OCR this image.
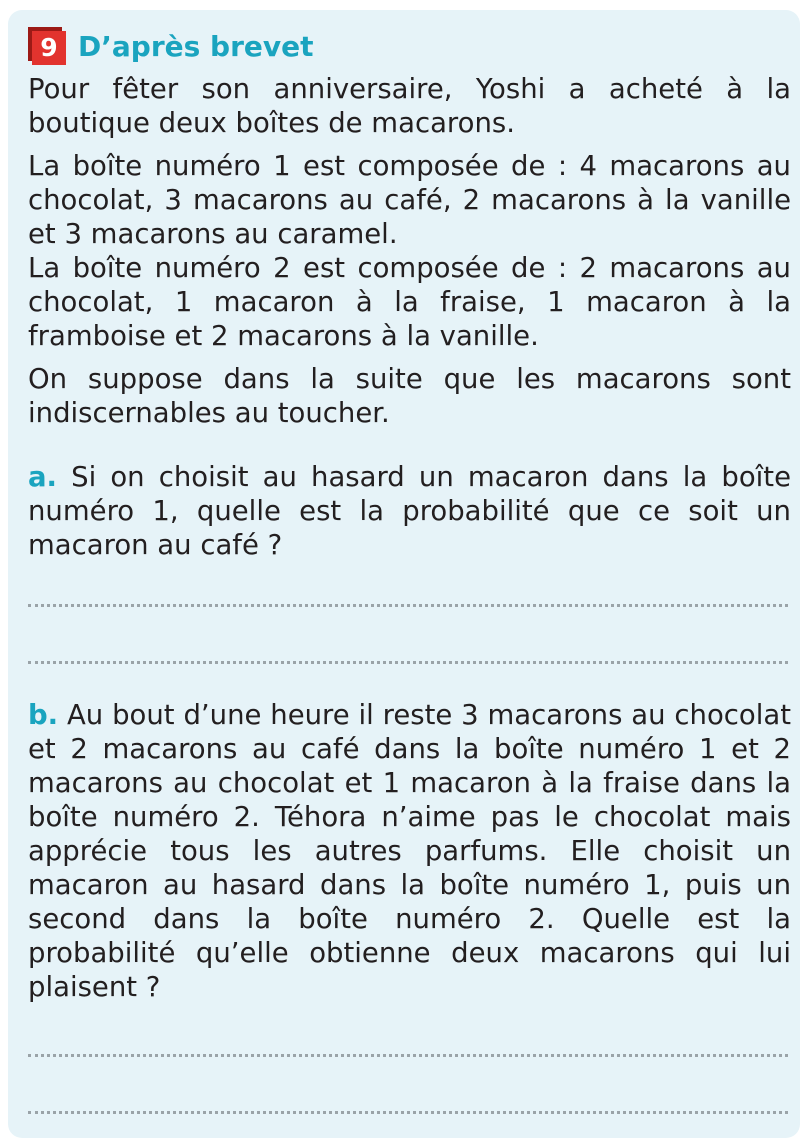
9 D’après brevet

Pour fêter son anniversaire, Yoshi a acheté à la boutique deux boîtes de macarons.

La boîte numéro 1 est composée de : 4 macarons au chocolat, 3 macarons au café, 2 macarons à la vanille et 3 macarons au caramel.

La boîte numéro 2 est composée de : 2 macarons au chocolat, 1 macaron à la fraise, 1 macaron à la framboise et 2 macarons à la vanille.

On suppose dans la suite que les macarons sont indiscernables au toucher.

a. Si on choisit au hasard un macaron dans la boîte numéro 1, quelle est la probabilité que ce soit un macaron au café ?

b. Au bout d’une heure il reste 3 macarons au chocolat et 2 macarons au café dans la boîte numéro 1 et 2 macarons au chocolat et 1 macaron à la fraise dans la boîte numéro 2. Téhora n’aime pas le chocolat mais apprécie tous les autres parfums. Elle choisit un macaron au hasard dans la boîte numéro 1, puis un second dans la boîte numéro 2. Quelle est la probabilité qu’elle obtienne deux macarons qui lui plaisent ?
